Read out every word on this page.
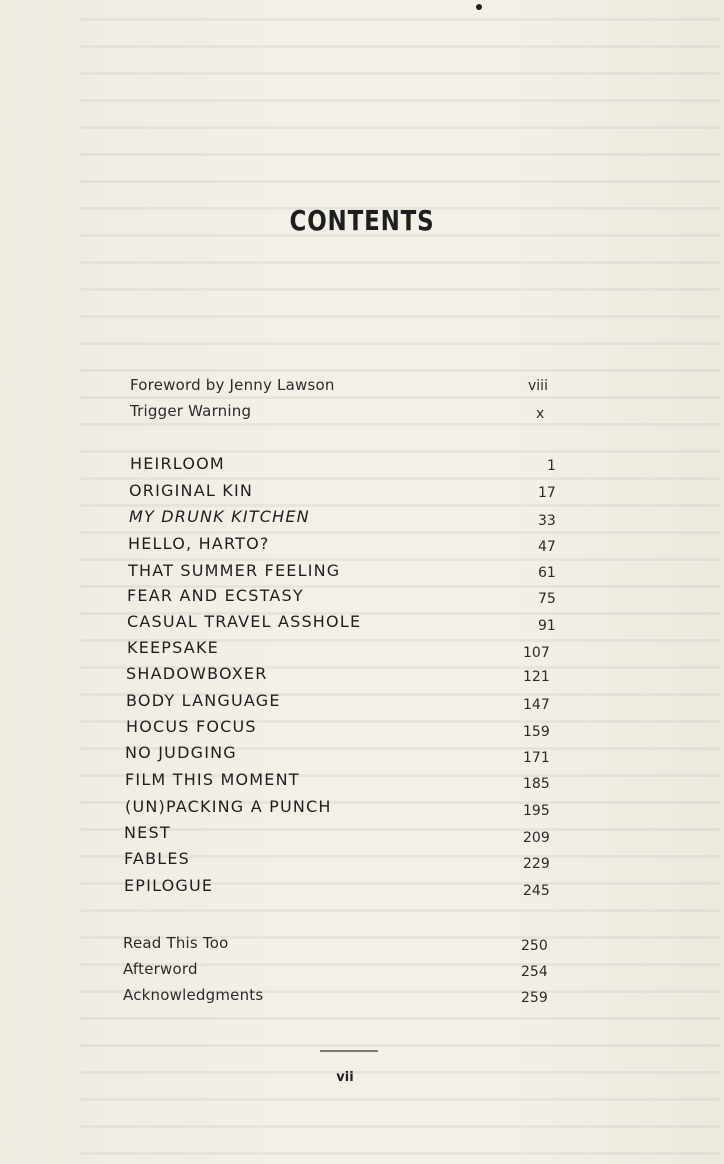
CONTENTS
Foreword by Jenny Lawson	viii
Trigger Warning	x
HEIRLOOM	1
ORIGINAL KIN	17
MY DRUNK KITCHEN	33
HELLO, HARTO?	47
THAT SUMMER FEELING	61
FEAR AND ECSTASY	75
CASUAL TRAVEL ASSHOLE	91
KEEPSAKE	107
SHADOWBOXER	121
BODY LANGUAGE	147
HOCUS FOCUS	159
NO JUDGING	171
FILM THIS MOMENT	185
(UN)PACKING A PUNCH	195
NEST	209
FABLES	229
EPILOGUE	245
Read This Too	250
Afterword	254
Acknowledgments	259
vii
